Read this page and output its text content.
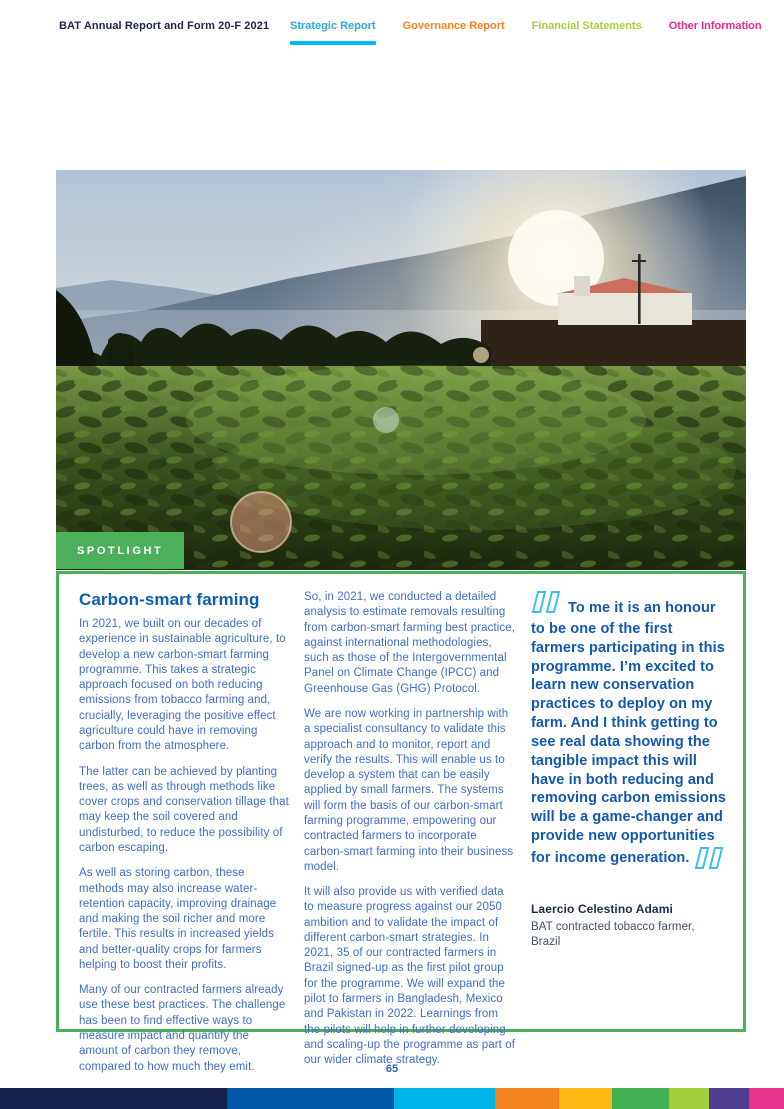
BAT Annual Report and Form 20-F 2021 Strategic Report Governance Report Financial Statements Other Information
SPOTLIGHT
Carbon-smart farming

In 2021, we built on our decades of experience in sustainable agriculture, to develop a new carbon-smart farming programme. This takes a strategic approach focused on both reducing emissions from tobacco farming and, crucially, leveraging the positive effect agriculture could have in removing carbon from the atmosphere.

The latter can be achieved by planting trees, as well as through methods like cover crops and conservation tillage that may keep the soil covered and undisturbed, to reduce the possibility of carbon escaping.

As well as storing carbon, these methods may also increase water-retention capacity, improving drainage and making the soil richer and more fertile. This results in increased yields and better-quality crops for farmers helping to boost their profits.

Many of our contracted farmers already use these best practices. The challenge has been to find effective ways to measure impact and quantify the amount of carbon they remove, compared to how much they emit.

So, in 2021, we conducted a detailed analysis to estimate removals resulting from carbon-smart farming best practice, against international methodologies, such as those of the Intergovernmental Panel on Climate Change (IPCC) and Greenhouse Gas (GHG) Protocol.

We are now working in partnership with a specialist consultancy to validate this approach and to monitor, report and verify the results. This will enable us to develop a system that can be easily applied by small farmers. The systems will form the basis of our carbon-smart farming programme, empowering our contracted farmers to incorporate carbon-smart farming into their business model.

It will also provide us with verified data to measure progress against our 2050 ambition and to validate the impact of different carbon-smart strategies. In 2021, 35 of our contracted farmers in Brazil signed-up as the first pilot group for the programme. We will expand the pilot to farmers in Bangladesh, Mexico and Pakistan in 2022. Learnings from the pilots will help in further developing and scaling-up the programme as part of our wider climate strategy.

To me it is an honour to be one of the first farmers participating in this programme. I’m excited to learn new conservation practices to deploy on my farm. And I think getting to see real data showing the tangible impact this will have in both reducing and removing carbon emissions will be a game-changer and provide new opportunities for income generation.

Laercio Celestino Adami

BAT contracted tobacco farmer,

Brazil

65
